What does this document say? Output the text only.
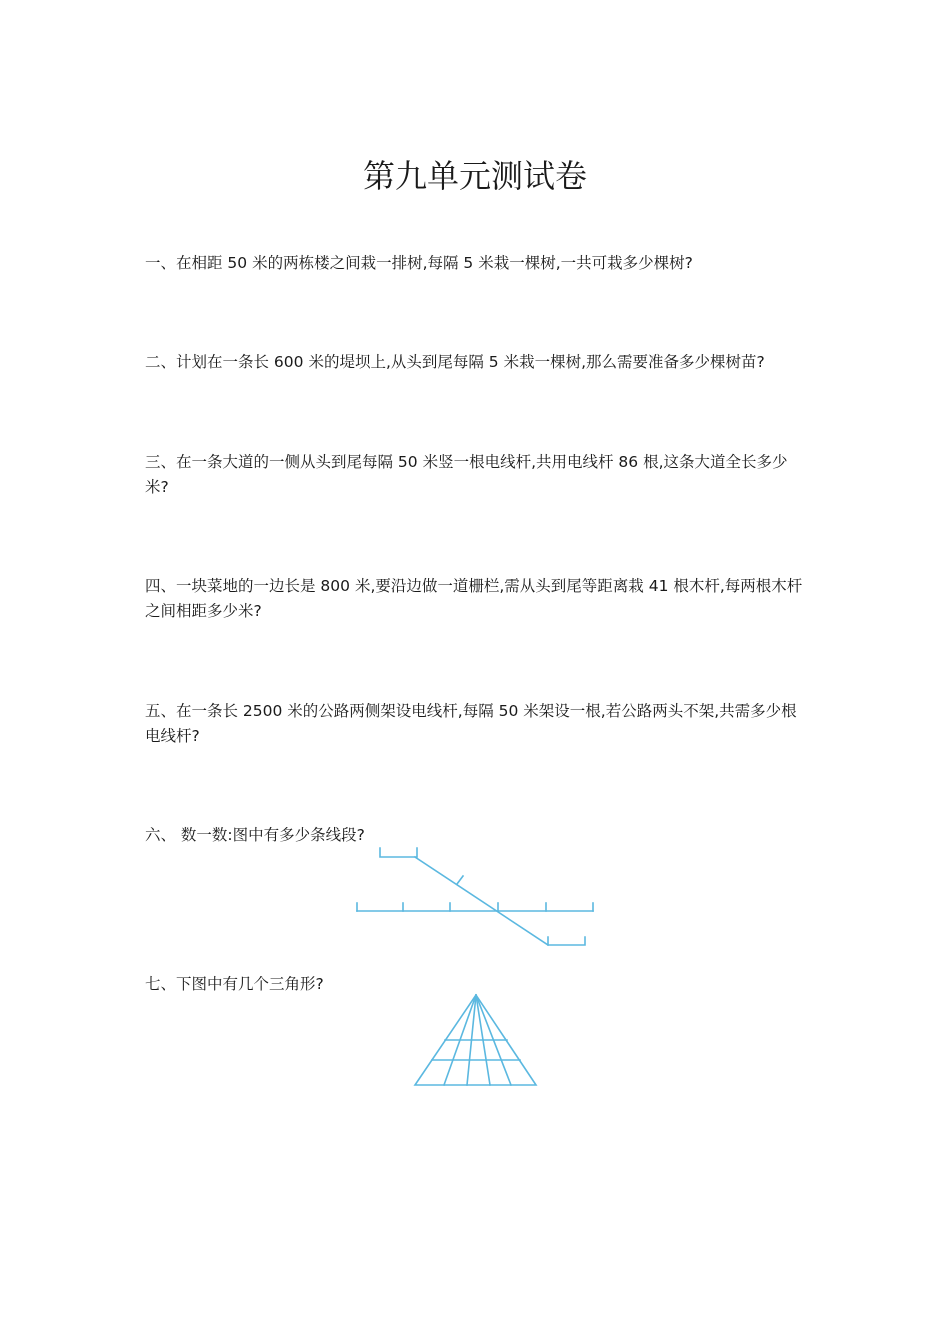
第九单元测试卷
一、在相距 50 米的两栋楼之间栽一排树,每隔 5 米栽一棵树,一共可栽多少棵树?
二、计划在一条长 600 米的堤坝上,从头到尾每隔 5 米栽一棵树,那么需要准备多少棵树苗?
三、在一条大道的一侧从头到尾每隔 50 米竖一根电线杆,共用电线杆 86 根,这条大道全长多少米?
四、一块菜地的一边长是 800 米,要沿边做一道栅栏,需从头到尾等距离栽 41 根木杆,每两根木杆之间相距多少米?
五、在一条长 2500 米的公路两侧架设电线杆,每隔 50 米架设一根,若公路两头不架,共需多少根电线杆?
六、 数一数:图中有多少条线段?
七、下图中有几个三角形?
